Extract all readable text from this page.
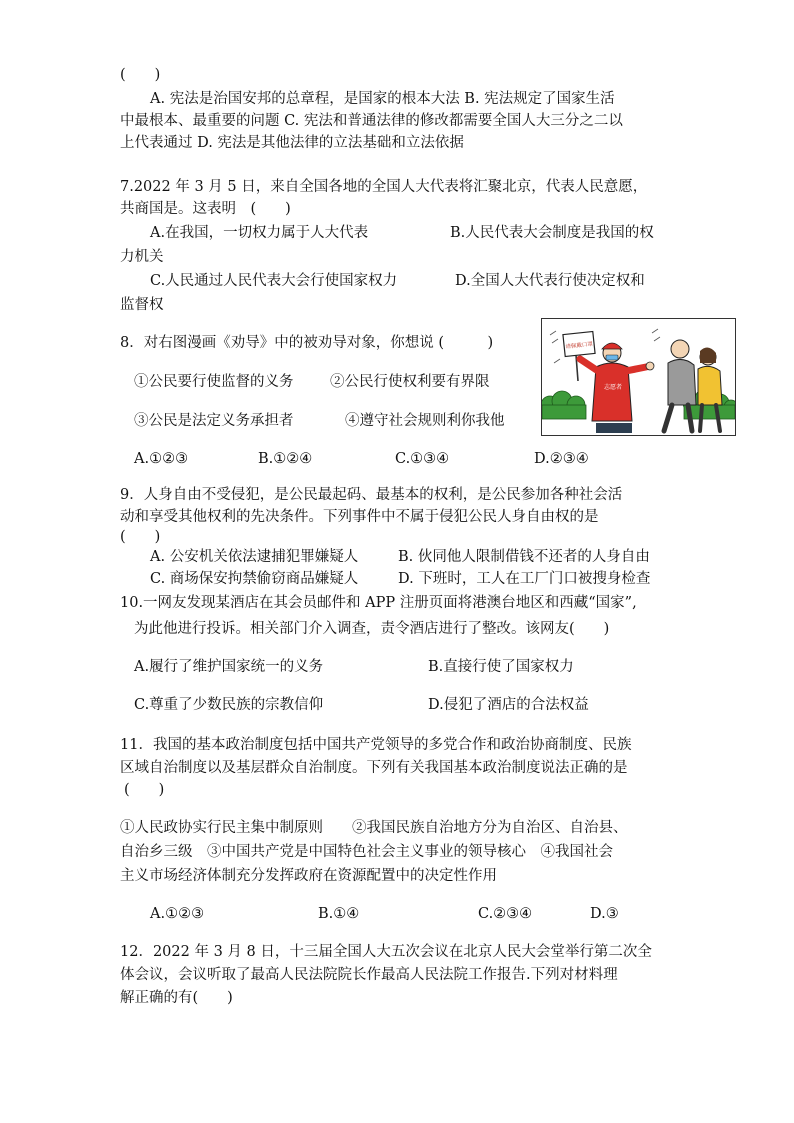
(　　)
A. 宪法是治国安邦的总章程，是国家的根本大法 B. 宪法规定了国家生活
中最根本、最重要的问题 C. 宪法和普通法律的修改都需要全国人大三分之二以
上代表通过 D. 宪法是其他法律的立法基础和立法依据
7.2022 年 3 月 5 日，来自全国各地的全国人大代表将汇聚北京，代表人民意愿，
共商国是。这表明　(　　)
A.在我国，一切权力属于人大代表	B.人民代表大会制度是我国的权
力机关
C.人民通过人民代表大会行使国家权力	D.全国人大代表行使决定权和
监督权
8．对右图漫画《劝导》中的被劝导对象，你想说 (　　　)
①公民要行使监督的义务	②公民行使权利要有界限
③公民是法定义务承担者	④遵守社会规则利你我他
A.①②③	B.①②④	C.①③④	D.②③④
请佩戴口罩
志愿者
9．人身自由不受侵犯，是公民最起码、最基本的权利，是公民参加各种社会活
动和享受其他权利的先决条件。下列事件中不属于侵犯公民人身自由权的是
(　　)
A. 公安机关依法逮捕犯罪嫌疑人	B. 伙同他人限制借钱不还者的人身自由
C. 商场保安拘禁偷窃商品嫌疑人	D. 下班时，工人在工厂门口被搜身检查
10.一网友发现某酒店在其会员邮件和 APP 注册页面将港澳台地区和西藏“国家”,
为此他进行投诉。相关部门介入调查，责令酒店进行了整改。该网友(　　)
A.履行了维护国家统一的义务	B.直接行使了国家权力
C.尊重了少数民族的宗教信仰	D.侵犯了酒店的合法权益
11．我国的基本政治制度包括中国共产党领导的多党合作和政治协商制度、民族
区域自治制度以及基层群众自治制度。下列有关我国基本政治制度说法正确的是
(　　)
①人民政协实行民主集中制原则　　②我国民族自治地方分为自治区、自治县、
自治乡三级　③中国共产党是中国特色社会主义事业的领导核心　④我国社会
主义市场经济体制充分发挥政府在资源配置中的决定性作用
A.①②③	B.①④	C.②③④	D.③
12．2022 年 3 月 8 日，十三届全国人大五次会议在北京人民大会堂举行第二次全
体会议，会议听取了最高人民法院院长作最高人民法院工作报告.下列对材料理
解正确的有(　　)
